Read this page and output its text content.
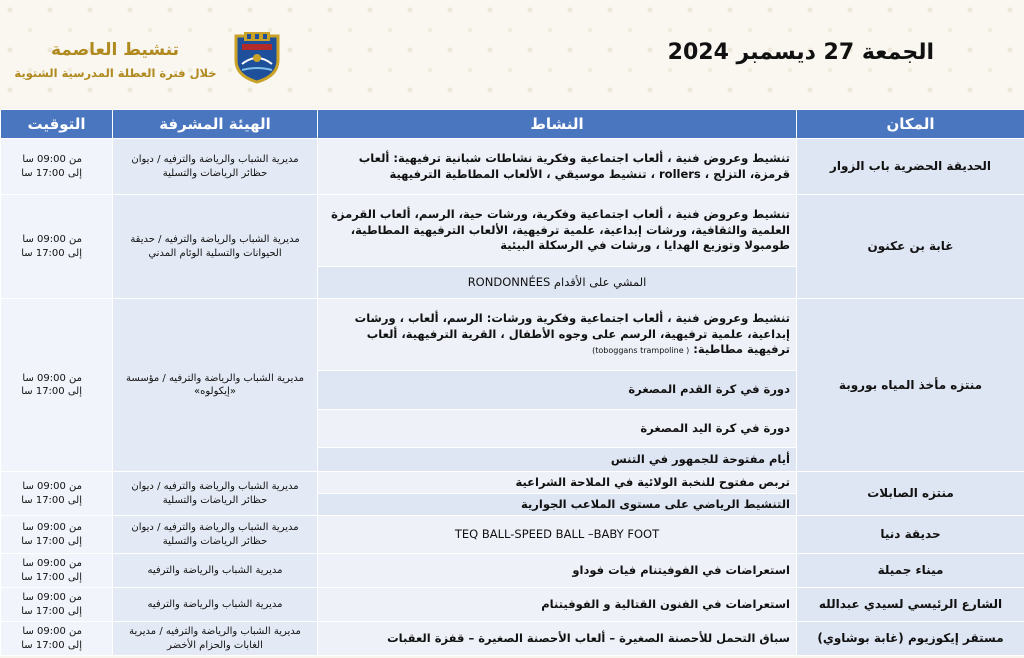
تنشيط العاصمة
خلال فترة العطلة المدرسية الشتوية
الجمعة 27 ديسمبر 2024
المكان	النشاط	الهيئة المشرفة	التوقيت
الحديقة الحضرية باب الزوار	تنشيط وعروض فنية ، ألعاب اجتماعية وفكرية نشاطات شبانية ترفيهية: ألعاب قرمزة، التزلج ، rollers ، تنشيط موسيقي ، الألعاب المطاطية الترفيهية	مديرية الشباب والرياضة والترفيه / ديوان حظائر الرياضات والتسلية	من 09:00 سا
إلى 17:00 سا

غابة بن عكنون	تنشيط وعروض فنية ، ألعاب اجتماعية وفكرية، ورشات حية، الرسم، ألعاب القرمزة العلمية والثقافية، ورشات إبداعية، علمية ترفيهية، الألعاب الترفيهية المطاطية، طومبولا وتوزيع الهدايا ، ورشات في الرسكلة البيئية	مديرية الشباب والرياضة والترفيه / حديقة الحيوانات والتسلية الوئام المدني	من 09:00 سا
إلى 17:00 سا

	المشي على الأقدام RONDONNÉES		
منتزه مأخذ المياه بوروبة	تنشيط وعروض فنية ، ألعاب اجتماعية وفكرية ورشات: الرسم، ألعاب ، ورشات إبداعية، علمية ترفيهية، الرسم على وجوه الأطفال ، القرية الترفيهية، ألعاب ترفيهية مطاطية: ( toboggans trampoline)	مديرية الشباب والرياضة والترفيه / مؤسسة «إيكولوه»	من 09:00 سا
إلى 17:00 سا

	دورة في كرة القدم المصغرة		
	دورة في كرة اليد المصغرة		
	أيام مفتوحة للجمهور في التنس		
منتزه الصابلات	تربص مفتوح للنخبة الولائية في الملاحة الشراعية	مديرية الشباب والرياضة والترفيه / ديوان حظائر الرياضات والتسلية	من 09:00 سا
إلى 17:00 سا

	التنشيط الرياضي على مستوى الملاعب الجوارية		
حديقة دنيا	TEQ BALL-SPEED BALL –BABY FOOT	مديرية الشباب والرياضة والترفيه / ديوان حظائر الرياضات والتسلية	من 09:00 سا
إلى 17:00 سا

ميناء جميلة	استعراضات في الفوفيتنام فيات فوداو	مديرية الشباب والرياضة والترفيه	من 09:00 سا
إلى 17:00 سا

الشارع الرئيسي لسيدي عبدالله	استعراضات في الفنون القتالية و الفوفيتنام	مديرية الشباب والرياضة والترفيه	من 09:00 سا
إلى 17:00 سا

مستقر إيكوزيوم (غابة بوشاوي)	سباق التحمل للأحصنة الصغيرة – ألعاب الأحصنة الصغيرة – قفزة العقبات	مديرية الشباب والرياضة والترفيه / مديرية الغابات والحزام الأخضر	من 09:00 سا
إلى 17:00 سا
